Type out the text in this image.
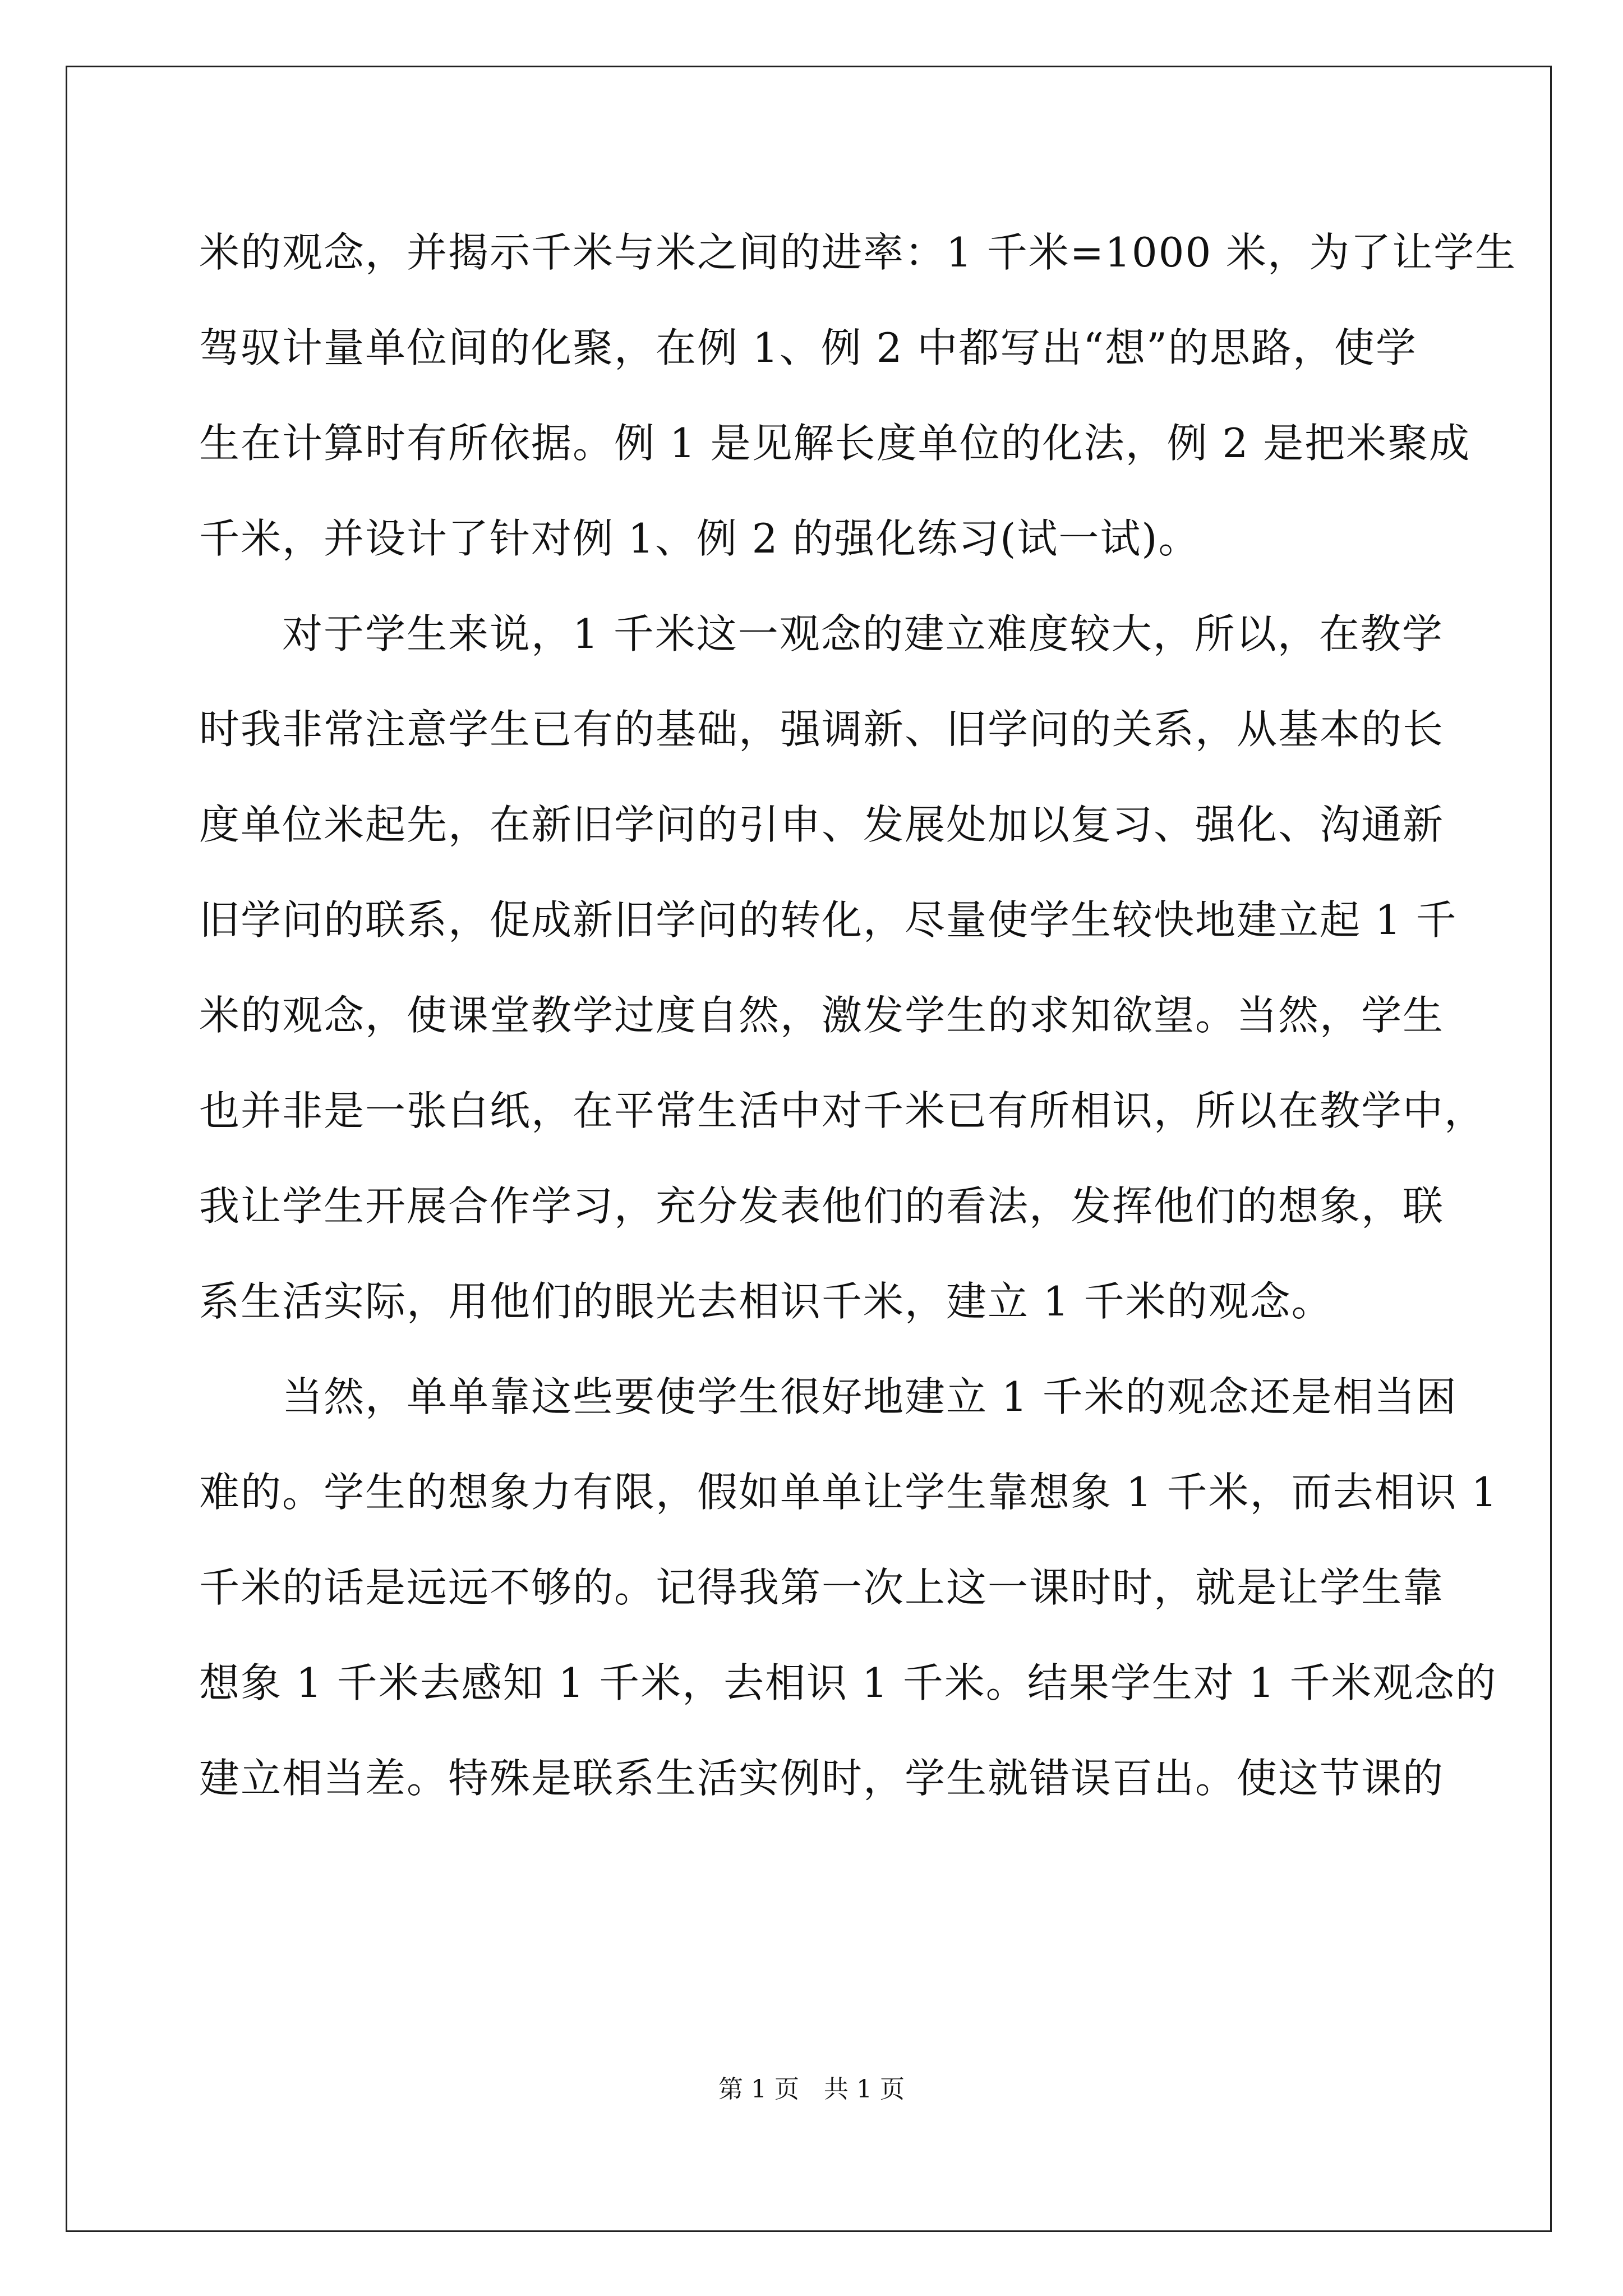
米的观念，并揭示千米与米之间的进率：1 千米=1000 米，为了让学生
驾驭计量单位间的化聚，在例 1、例 2 中都写出“想”的思路，使学
生在计算时有所依据。例 1 是见解长度单位的化法，例 2 是把米聚成
千米，并设计了针对例 1、例 2 的强化练习(试一试)。
　　对于学生来说，1 千米这一观念的建立难度较大，所以，在教学
时我非常注意学生已有的基础，强调新、旧学问的关系，从基本的长
度单位米起先，在新旧学问的引申、发展处加以复习、强化、沟通新
旧学问的联系，促成新旧学问的转化，尽量使学生较快地建立起 1 千
米的观念，使课堂教学过度自然，激发学生的求知欲望。当然，学生
也并非是一张白纸，在平常生活中对千米已有所相识，所以在教学中，
我让学生开展合作学习，充分发表他们的看法，发挥他们的想象，联
系生活实际，用他们的眼光去相识千米，建立 1 千米的观念。
　　当然，单单靠这些要使学生很好地建立 1 千米的观念还是相当困
难的。学生的想象力有限，假如单单让学生靠想象 1 千米，而去相识 1
千米的话是远远不够的。记得我第一次上这一课时时，就是让学生靠
想象 1 千米去感知 1 千米，去相识 1 千米。结果学生对 1 千米观念的
建立相当差。特殊是联系生活实例时，学生就错误百出。使这节课的
第 1 页　共 1 页
